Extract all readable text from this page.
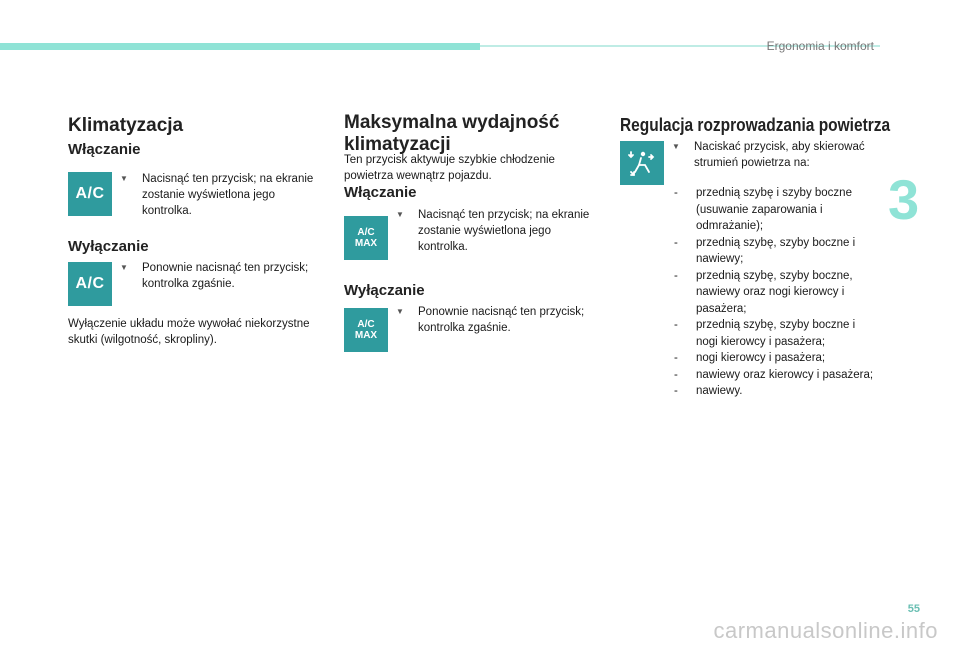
Ergonomia i komfort
3
Klimatyzacja
Włączanie
A/C
▼	Nacisnąć ten przycisk; na ekranie zostanie wyświetlona jego kontrolka.
Wyłączanie
A/C
▼	Ponownie nacisnąć ten przycisk; kontrolka zgaśnie.

Wyłączenie układu może wywołać niekorzystne skutki (wilgotność, skropliny).

Maksymalna wydajność klimatyzacji

Ten przycisk aktywuje szybkie chłodzenie powietrza wewnątrz pojazdu.

Włączanie
A/C
MAX
▼	Nacisnąć ten przycisk; na ekranie zostanie wyświetlona jego kontrolka.
Wyłączanie
A/C
MAX
▼	Ponownie nacisnąć ten przycisk; kontrolka zgaśnie.
Regulacja rozprowadzania powietrza
▼	Naciskać przycisk, aby skierować strumień powietrza na:
- przednią szybę i szyby boczne (usuwanie zaparowania i odmrażanie);
- przednią szybę, szyby boczne i nawiewy;
- przednią szybę, szyby boczne, nawiewy oraz nogi kierowcy i pasażera;
- przednią szybę, szyby boczne i nogi kierowcy i pasażera;
- nogi kierowcy i pasażera;
- nawiewy oraz kierowcy i pasażera;
- nawiewy.
55
carmanualsonline.info
